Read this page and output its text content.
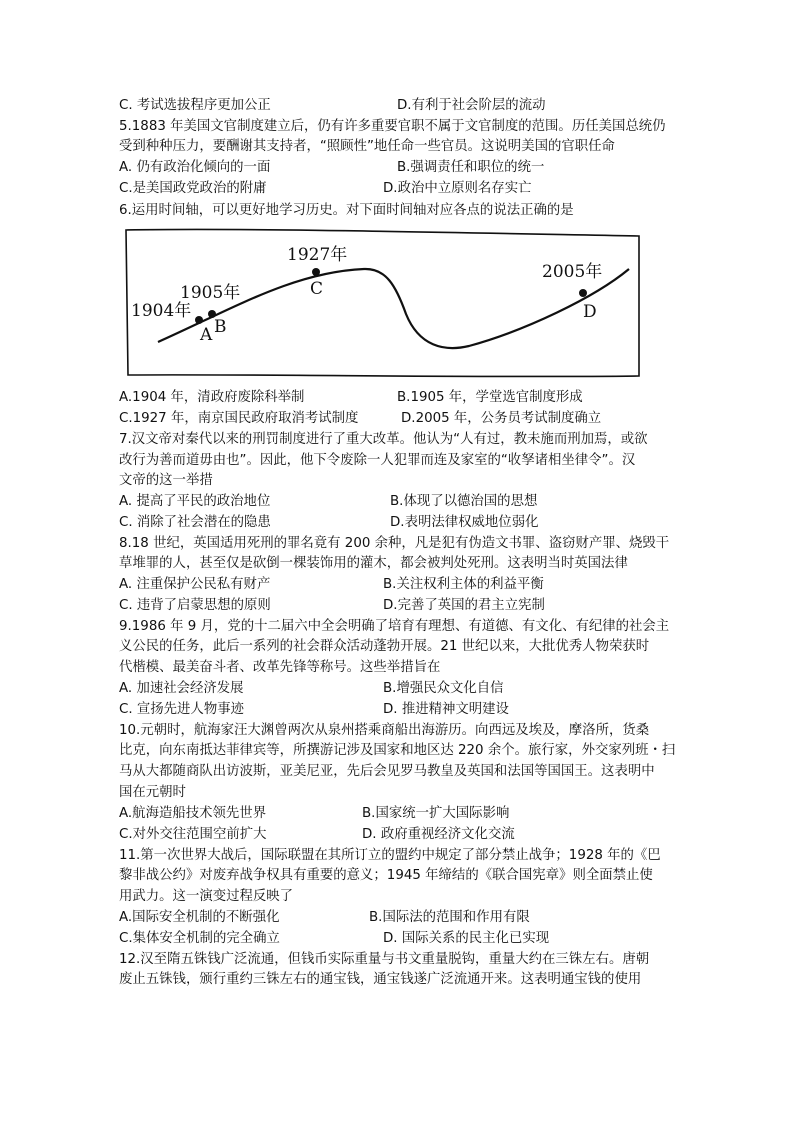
C. 考试选拔程序更加公正	D.有利于社会阶层的流动
5.1883 年美国文官制度建立后，仍有许多重要官职不属于文官制度的范围。历任美国总统仍
受到种种压力，要酬谢其支持者，“照顾性”地任命一些官员。这说明美国的官职任命
A. 仍有政治化倾向的一面	B.强调责任和职位的统一
C.是美国政党政治的附庸	D.政治中立原则名存实亡
6.运用时间轴，可以更好地学习历史。对下面时间轴对应各点的说法正确的是
1904年
1905年
1927年
2005年
A B
C
D
A.1904 年，清政府废除科举制	B.1905 年，学堂选官制度形成
C.1927 年，南京国民政府取消考试制度	D.2005 年，公务员考试制度确立
7.汉文帝对秦代以来的刑罚制度进行了重大改革。他认为“人有过，教未施而刑加焉，或欲
改行为善而道毋由也”。因此，他下令废除一人犯罪而连及家室的“收孥诸相坐律令”。汉
文帝的这一举措
A. 提高了平民的政治地位	B.体现了以德治国的思想
C. 消除了社会潜在的隐患	D.表明法律权威地位弱化
8.18 世纪，英国适用死刑的罪名竟有 200 余种，凡是犯有伪造文书罪、盗窃财产罪、烧毁干
草堆罪的人，甚至仅是砍倒一棵装饰用的灌木，都会被判处死刑。这表明当时英国法律
A. 注重保护公民私有财产	B.关注权利主体的利益平衡
C. 违背了启蒙思想的原则	D.完善了英国的君主立宪制
9.1986 年 9 月，党的十二届六中全会明确了培育有理想、有道德、有文化、有纪律的社会主
义公民的任务，此后一系列的社会群众活动蓬勃开展。21 世纪以来，大批优秀人物荣获时
代楷模、最美奋斗者、改革先锋等称号。这些举措旨在
A. 加速社会经济发展	B.增强民众文化自信
C. 宣扬先进人物事迹	D. 推进精神文明建设
10.元朝时，航海家汪大渊曾两次从泉州搭乘商船出海游历。向西远及埃及，摩洛所，货桑
比克，向东南抵达菲律宾等，所撰游记涉及国家和地区达 220 余个。旅行家，外交家列班・扫
马从大都随商队出访波斯，亚美尼亚，先后会见罗马教皇及英国和法国等国国王。这表明中
国在元朝时
A.航海造船技术领先世界	B.国家统一扩大国际影响
C.对外交往范围空前扩大	D. 政府重视经济文化交流
11.第一次世界大战后，国际联盟在其所订立的盟约中规定了部分禁止战争；1928 年的《巴
黎非战公约》对废弃战争权具有重要的意义；1945 年缔结的《联合国宪章》则全面禁止使
用武力。这一演变过程反映了
A.国际安全机制的不断强化	B.国际法的范围和作用有限
C.集体安全机制的完全确立	D. 国际关系的民主化已实现
12.汉至隋五铢钱广泛流通，但钱币实际重量与书文重量脱钩，重量大约在三铢左右。唐朝
废止五铢钱，颁行重约三铢左右的通宝钱，通宝钱遂广泛流通开来。这表明通宝钱的使用
